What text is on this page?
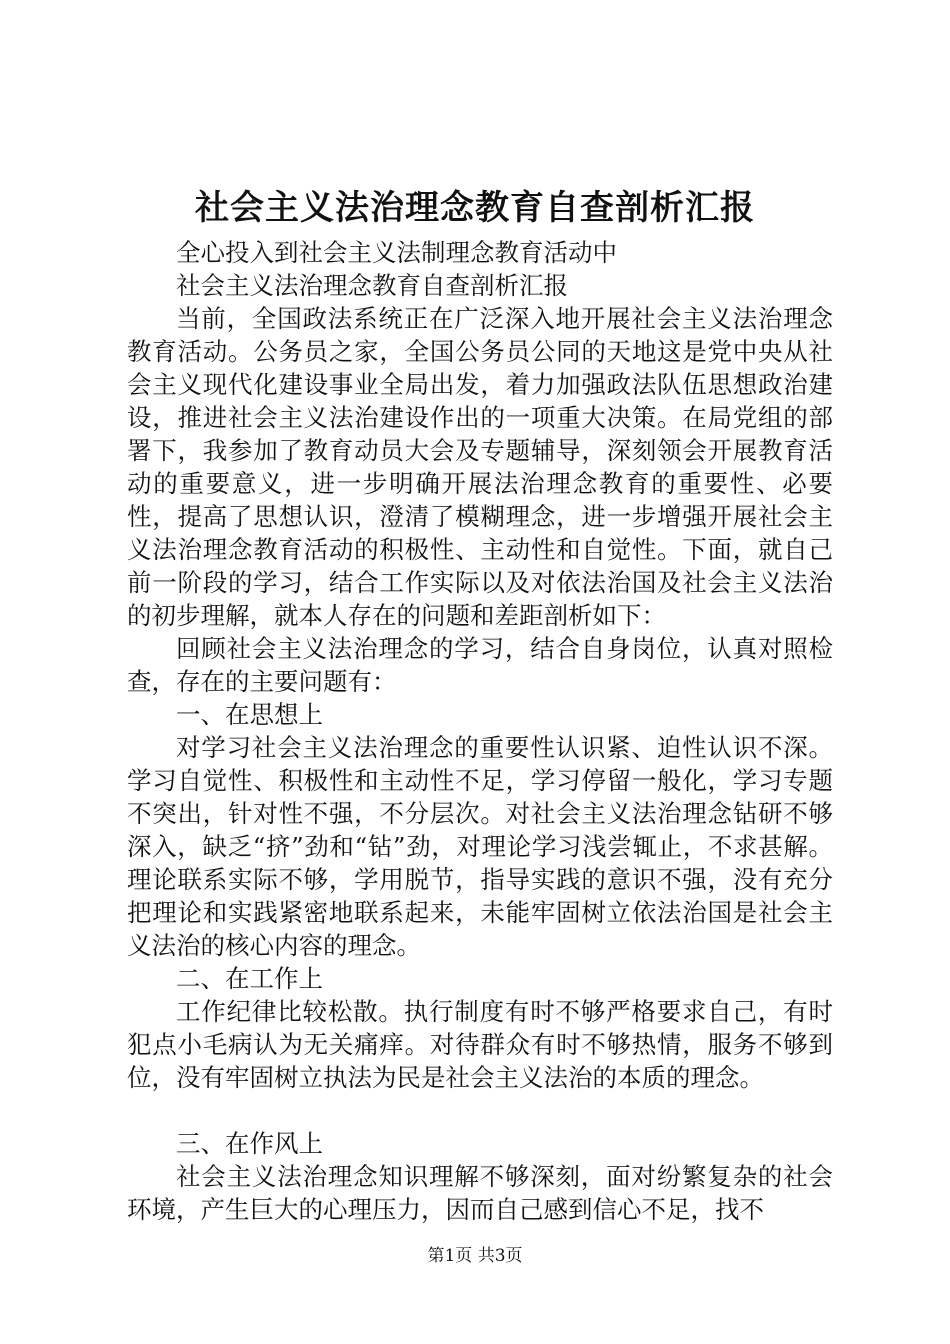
社会主义法治理念教育自查剖析汇报

全心投入到社会主义法制理念教育活动中

社会主义法治理念教育自查剖析汇报

当前，全国政法系统正在广泛深入地开展社会主义法治理念教育活动。公务员之家，全国公务员公同的天地这是党中央从社会主义现代化建设事业全局出发，着力加强政法队伍思想政治建设，推进社会主义法治建设作出的一项重大决策。在局党组的部署下，我参加了教育动员大会及专题辅导，深刻领会开展教育活动的重要意义，进一步明确开展法治理念教育的重要性、必要性，提高了思想认识，澄清了模糊理念，进一步增强开展社会主义法治理念教育活动的积极性、主动性和自觉性。下面，就自己前一阶段的学习，结合工作实际以及对依法治国及社会主义法治的初步理解，就本人存在的问题和差距剖析如下：

回顾社会主义法治理念的学习，结合自身岗位，认真对照检查，存在的主要问题有：

一、在思想上

对学习社会主义法治理念的重要性认识紧、迫性认识不深。学习自觉性、积极性和主动性不足，学习停留一般化，学习专题不突出，针对性不强，不分层次。对社会主义法治理念钻研不够深入，缺乏“挤”劲和“钻”劲，对理论学习浅尝辄止，不求甚解。理论联系实际不够，学用脱节，指导实践的意识不强，没有充分把理论和实践紧密地联系起来，未能牢固树立依法治国是社会主义法治的核心内容的理念。

二、在工作上

工作纪律比较松散。执行制度有时不够严格要求自己，有时犯点小毛病认为无关痛痒。对待群众有时不够热情，服务不够到位，没有牢固树立执法为民是社会主义法治的本质的理念。

三、在作风上

社会主义法治理念知识理解不够深刻，面对纷繁复杂的社会环境，产生巨大的心理压力，因而自己感到信心不足，找不

第1页 共3页
